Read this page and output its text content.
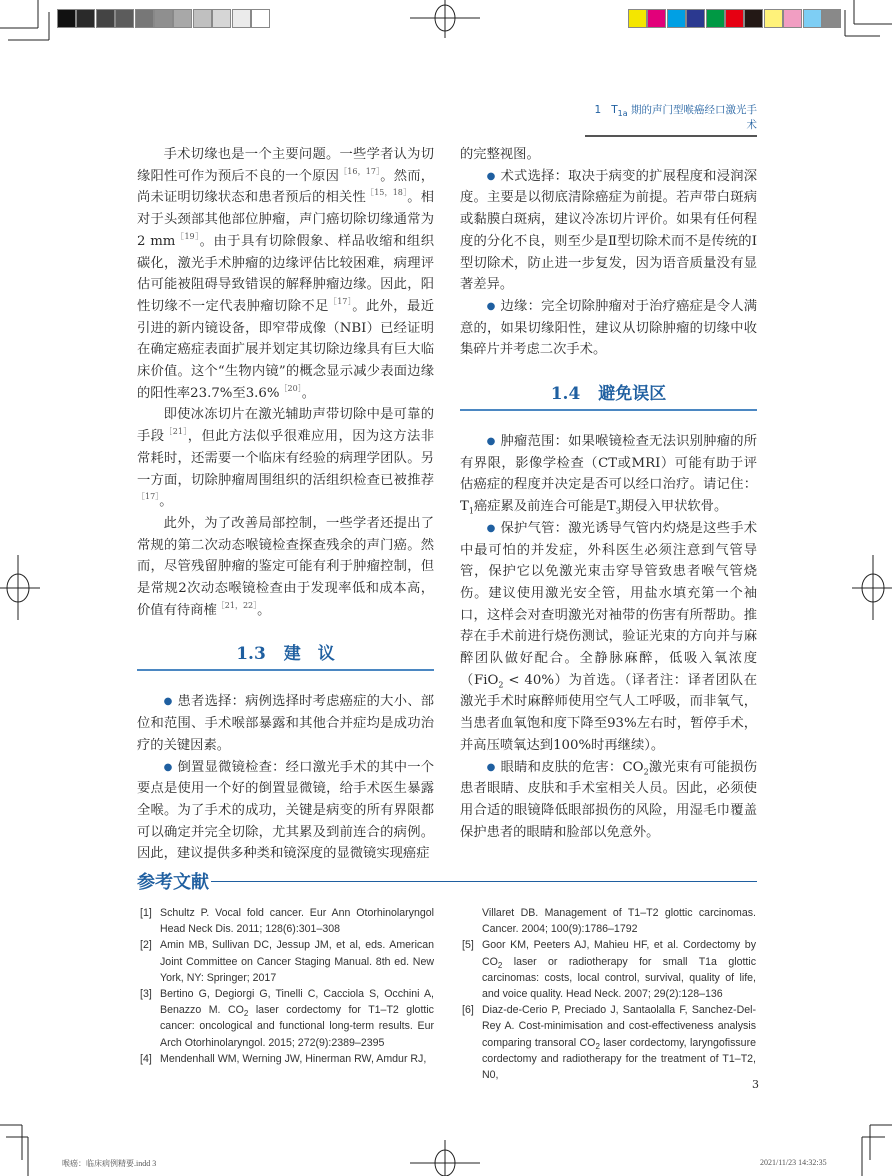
1 $T_{1a}$ 期的声门型喉癌经口激光手术

手术切缘也是一个主要问题。一些学者认为切缘阳性可作为预后不良的一个原因$^{[16,17]}$。然而，尚未证明切缘状态和患者预后的相关性$^{[15,18]}$。相对于头颈部其他部位肿瘤，声门癌切除切缘通常为2 $mm^{[19]}$。由于具有切除假象、样品收缩和组织碳化，激光手术肿瘤的边缘评估比较困难，病理评估可能被阻碍导致错误的解释肿瘤边缘。因此，阳性切缘不一定代表肿瘤切除不足$^{[17]}$。此外，最近引进的新内镜设备，即窄带成像（NBI）已经证明在确定癌症表面扩展并划定其切除边缘具有巨大临床价值。这个“生物内镜”的概念显示减少表面边缘的阳性率23.7%至3.6%$^{[20]}$。

即使冰冻切片在激光辅助声带切除中是可靠的手段$^{[21]}$，但此方法似乎很难应用，因为这方法非常耗时，还需要一个临床有经验的病理学团队。另一方面，切除肿瘤周围组织的活组织检查已被推荐$^{[17]}$。

此外，为了改善局部控制，一些学者还提出了常规的第二次动态喉镜检查探查残余的声门癌。然而，尽管残留肿瘤的鉴定可能有利于肿瘤控制，但是常规2次动态喉镜检查由于发现率低和成本高，价值有待商榷$^{[21,22]}$。

1.3 建　议

● 患者选择：病例选择时考虑癌症的大小、部位和范围、手术喉部暴露和其他合并症均是成功治疗的关键因素。

● 倒置显微镜检查：经口激光手术的其中一个要点是使用一个好的倒置显微镜，给手术医生暴露全喉。为了手术的成功，关键是病变的所有界限都可以确定并完全切除，尤其累及到前连合的病例。因此，建议提供多种类和镜深度的显微镜实现癌症

的完整视图。

● 术式选择：取决于病变的扩展程度和浸润深度。主要是以彻底清除癌症为前提。若声带白斑病或黏膜白斑病，建议冷冻切片评价。如果有任何程度的分化不良，则至少是Ⅱ型切除术而不是传统的Ⅰ型切除术，防止进一步复发，因为语音质量没有显著差异。

● 边缘：完全切除肿瘤对于治疗癌症是令人满意的，如果切缘阳性，建议从切除肿瘤的切缘中收集碎片并考虑二次手术。

1.4 避免误区

● 肿瘤范围：如果喉镜检查无法识别肿瘤的所有界限，影像学检查（CT或MRI）可能有助于评估癌症的程度并决定是否可以经口治疗。请记住：$T_1$癌症累及前连合可能是$T_3$期侵入甲状软骨。

● 保护气管：激光诱导气管内灼烧是这些手术中最可怕的并发症，外科医生必须注意到气管导管，保护它以免激光束击穿导管致患者喉气管烧伤。建议使用激光安全管，用盐水填充第一个袖口，这样会对查明激光对袖带的伤害有所帮助。推荐在手术前进行烧伤测试，验证光束的方向并与麻醉团队做好配合。全静脉麻醉，低吸入氧浓度（FiO$_2$ < 40%）为首选。（译者注：译者团队在激光手术时麻醉师使用空气人工呼吸，而非氧气，当患者血氧饱和度下降至93%左右时，暂停手术，并高压喷氧达到100%时再继续）。

● 眼睛和皮肤的危害：$CO_2$激光束有可能损伤患者眼睛、皮肤和手术室相关人员。因此，必须使用合适的眼镜降低眼部损伤的风险，用湿毛巾覆盖保护患者的眼睛和脸部以免意外。

参考文献
[1] Schultz P. Vocal fold cancer. Eur Ann Otorhinolaryngol Head Neck Dis. 2011; 128(6):301–308
[2] Amin MB, Sullivan DC, Jessup JM, et al, eds. American Joint Committee on Cancer Staging Manual. 8th ed. New York, NY: Springer; 2017
[3] Bertino G, Degiorgi G, Tinelli C, Cacciola S, Occhini A, Benazzo M. $CO_2$ laser cordectomy for T1–T2 glottic cancer: oncological and functional long-term results. Eur Arch Otorhinolaryngol. 2015; 272(9):2389–2395
[4] Mendenhall WM, Werning JW, Hinerman RW, Amdur RJ,
Villaret DB. Management of T1–T2 glottic carcinomas. Cancer. 2004; 100(9):1786–1792
[5] Goor KM, Peeters AJ, Mahieu HF, et al. Cordectomy by $CO_2$ laser or radiotherapy for small T1a glottic carcinomas: costs, local control, survival, quality of life, and voice quality. Head Neck. 2007; 29(2):128–136
[6] Diaz-de-Cerio P, Preciado J, Santaolalla F, Sanchez-Del-Rey A. Cost-minimisation and cost-effectiveness analysis comparing transoral $CO_2$ laser cordectomy, laryngofissure cordectomy and radiotherapy for the treatment of T1–T2, N0,
3
喉癌：临床病例精要.indd 3	2021/11/23 14:32:35
